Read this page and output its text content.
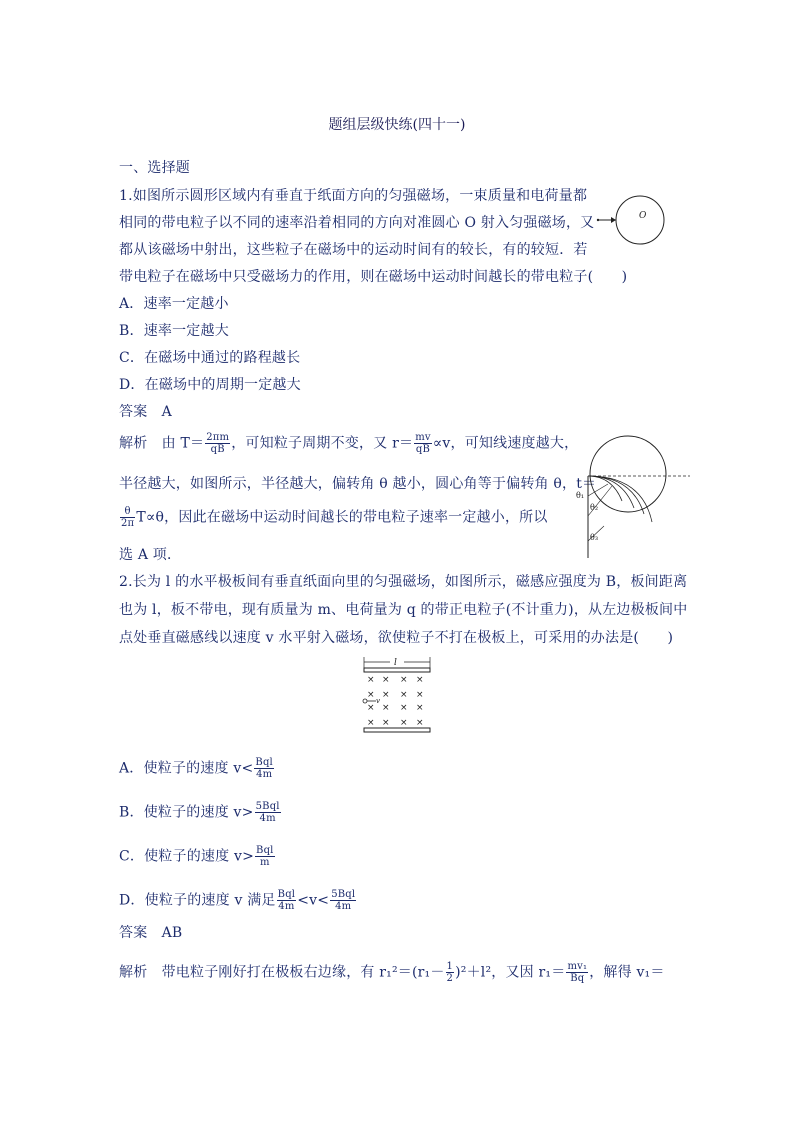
题组层级快练(四十一)
一、选择题
1.如图所示圆形区域内有垂直于纸面方向的匀强磁场，一束质量和电荷量都
相同的带电粒子以不同的速率沿着相同的方向对准圆心 O 射入匀强磁场，又
都从该磁场中射出，这些粒子在磁场中的运动时间有的较长，有的较短．若
带电粒子在磁场中只受磁场力的作用，则在磁场中运动时间越长的带电粒子(　　)
O
A．速率一定越小
B．速率一定越大
C．在磁场中通过的路程越长
D．在磁场中的周期一定越大
答案　A
解析　由 $T= \frac{2\pi m}{qB}$ ，可知粒子周期不变，又 $r= \frac{mv}{qB} \propto v$，可知线速度越大，
半径越大，如图所示，半径越大，偏转角 θ 越小，圆心角等于偏转角 θ，t＝
$\frac{\theta}{2\pi} T\propto\theta$，因此在磁场中运动时间越长的带电粒子速率一定越小，所以
选 A 项．
θ₁
θ₂
θ₃
2.长为 l 的水平极板间有垂直纸面向里的匀强磁场，如图所示，磁感应强度为 B，板间距离
也为 l，板不带电，现有质量为 m、电荷量为 q 的带正电粒子(不计重力)，从左边极板间中
点处垂直磁感线以速度 v 水平射入磁场，欲使粒子不打在极板上，可采用的办法是(　　)
l
× × × ×
× × × ×
× × × ×
× × × ×
v
A．使粒子的速度 $v< \frac{\text{Bql}}{4m}$
B．使粒子的速度 $v> \frac{\text{5Bql}}{4m}$
C．使粒子的速度 $v> \frac{\text{Bql}}{m}$
D．使粒子的速度 v 满足 $\frac{\text{Bql}}{4m} <v< \frac{\text{5Bql}}{4m}$
答案　AB
解析　带电粒子刚好打在极板右边缘，有 $r_1^2=(r_1- \frac{1}{2} )^2+l^2$，又因 $r_1= \frac{\text{mv₁}}{Bq}$ ，解得 v₁＝
